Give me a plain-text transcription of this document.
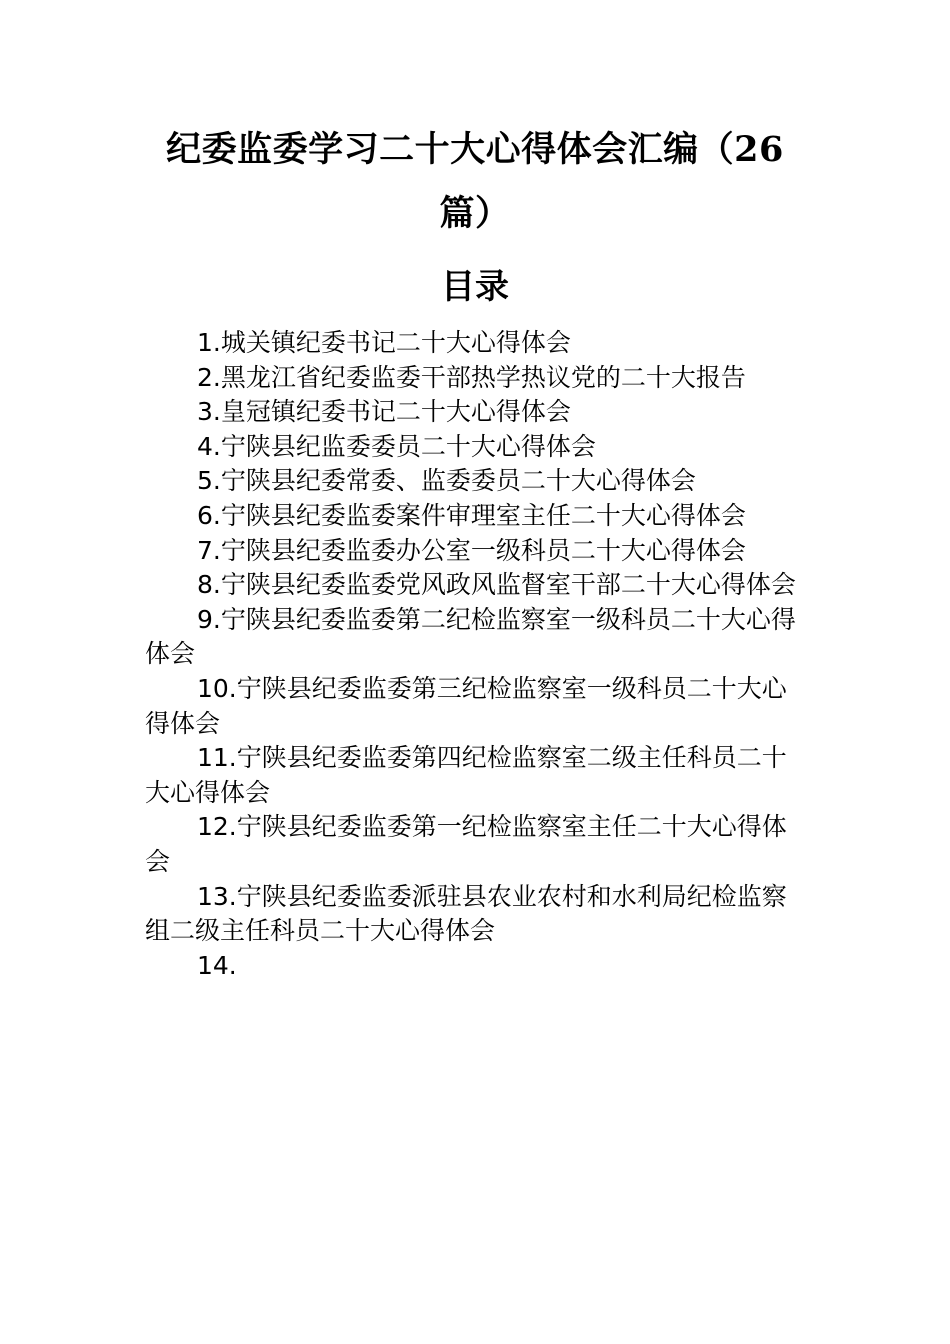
纪委监委学习二十大心得体会汇编（26篇）
目录
1.城关镇纪委书记二十大心得体会
2.黑龙江省纪委监委干部热学热议党的二十大报告
3.皇冠镇纪委书记二十大心得体会
4.宁陕县纪监委委员二十大心得体会
5.宁陕县纪委常委、监委委员二十大心得体会
6.宁陕县纪委监委案件审理室主任二十大心得体会
7.宁陕县纪委监委办公室一级科员二十大心得体会
8.宁陕县纪委监委党风政风监督室干部二十大心得体会
9.宁陕县纪委监委第二纪检监察室一级科员二十大心得体会
10.宁陕县纪委监委第三纪检监察室一级科员二十大心得体会
11.宁陕县纪委监委第四纪检监察室二级主任科员二十大心得体会
12.宁陕县纪委监委第一纪检监察室主任二十大心得体会
13.宁陕县纪委监委派驻县农业农村和水利局纪检监察组二级主任科员二十大心得体会
14.
